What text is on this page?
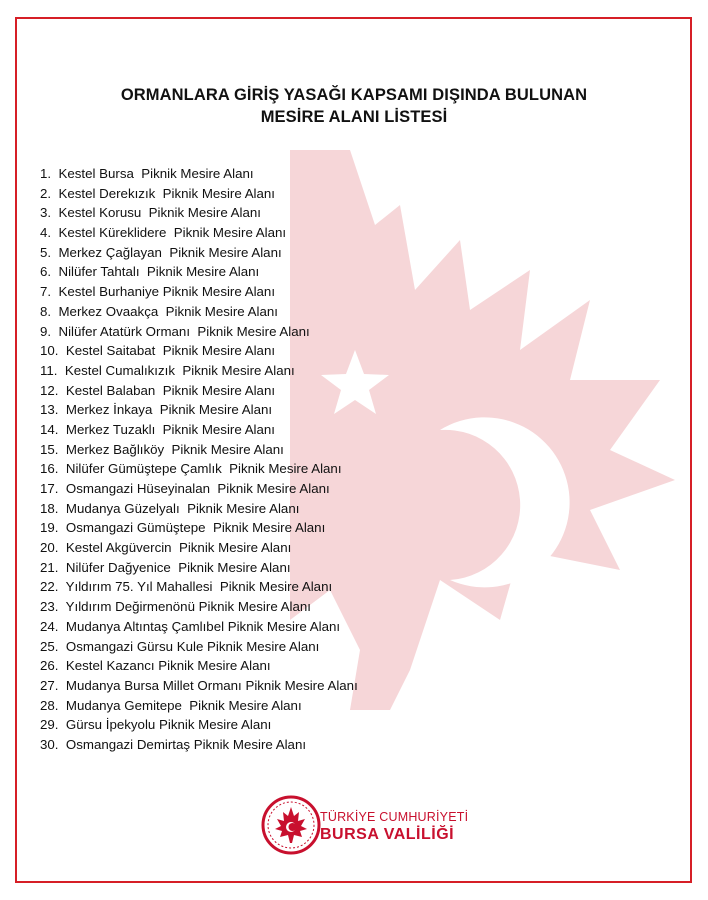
ORMANLARA GİRİŞ YASAĞI KAPSAMI DIŞINDA BULUNAN
MESİRE ALANI LİSTESİ
1.  Kestel Bursa  Piknik Mesire Alanı
2.  Kestel Derekızık  Piknik Mesire Alanı
3.  Kestel Korusu  Piknik Mesire Alanı
4.  Kestel Küreklidere  Piknik Mesire Alanı
5.  Merkez Çağlayan  Piknik Mesire Alanı
6.  Nilüfer Tahtalı  Piknik Mesire Alanı
7.  Kestel Burhaniye Piknik Mesire Alanı
8.  Merkez Ovaakça  Piknik Mesire Alanı
9.  Nilüfer Atatürk Ormanı  Piknik Mesire Alanı
10.  Kestel Saitabat  Piknik Mesire Alanı
11.  Kestel Cumalıkızık  Piknik Mesire Alanı
12.  Kestel Balaban  Piknik Mesire Alanı
13.  Merkez İnkaya  Piknik Mesire Alanı
14.  Merkez Tuzaklı  Piknik Mesire Alanı
15.  Merkez Bağlıköy  Piknik Mesire Alanı
16.  Nilüfer Gümüştepe Çamlık  Piknik Mesire Alanı
17.  Osmangazi Hüseyinalan  Piknik Mesire Alanı
18.  Mudanya Güzelyalı  Piknik Mesire Alanı
19.  Osmangazi Gümüştepe  Piknik Mesire Alanı
20.  Kestel Akgüvercin  Piknik Mesire Alanı
21.  Nilüfer Dağyenice  Piknik Mesire Alanı
22.  Yıldırım 75. Yıl Mahallesi  Piknik Mesire Alanı
23.  Yıldırım Değirmenönü Piknik Mesire Alanı
24.  Mudanya Altıntaş Çamlıbel Piknik Mesire Alanı
25.  Osmangazi Gürsu Kule Piknik Mesire Alanı
26.  Kestel Kazancı Piknik Mesire Alanı
27.  Mudanya Bursa Millet Ormanı Piknik Mesire Alanı
28.  Mudanya Gemitepe  Piknik Mesire Alanı
29.  Gürsu İpekyolu Piknik Mesire Alanı
30.  Osmangazi Demirtaş Piknik Mesire Alanı
TÜRKİYE CUMHURİYETİ
BURSA VALİLİĞİ
